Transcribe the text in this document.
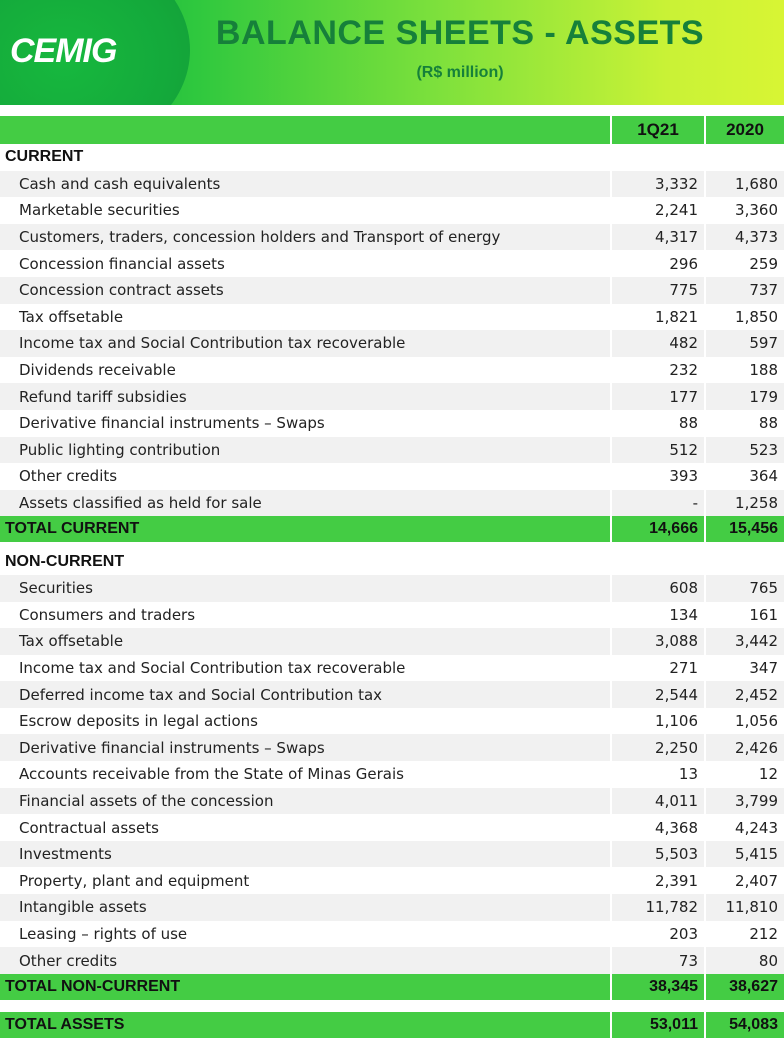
CEMIG	BALANCE SHEETS - ASSETS
(R$ million)
1Q21	2020
CURRENT
Cash and cash equivalents	3,332	1,680
Marketable securities	2,241	3,360
Customers, traders, concession holders and Transport of energy	4,317	4,373
Concession financial assets	296	259
Concession contract assets	775	737
Tax offsetable	1,821	1,850
Income tax and Social Contribution tax recoverable	482	597
Dividends receivable	232	188
Refund tariff subsidies	177	179
Derivative financial instruments – Swaps	88	88
Public lighting contribution	512	523
Other credits	393	364
Assets classified as held for sale	-	1,258
TOTAL CURRENT	14,666	15,456
NON-CURRENT
Securities	608	765
Consumers and traders	134	161
Tax offsetable	3,088	3,442
Income tax and Social Contribution tax recoverable	271	347
Deferred income tax and Social Contribution tax	2,544	2,452
Escrow deposits in legal actions	1,106	1,056
Derivative financial instruments – Swaps	2,250	2,426
Accounts receivable from the State of Minas Gerais	13	12
Financial assets of the concession	4,011	3,799
Contractual assets	4,368	4,243
Investments	5,503	5,415
Property, plant and equipment	2,391	2,407
Intangible assets	11,782	11,810
Leasing – rights of use	203	212
Other credits	73	80
TOTAL NON-CURRENT	38,345	38,627
TOTAL ASSETS	53,011	54,083
